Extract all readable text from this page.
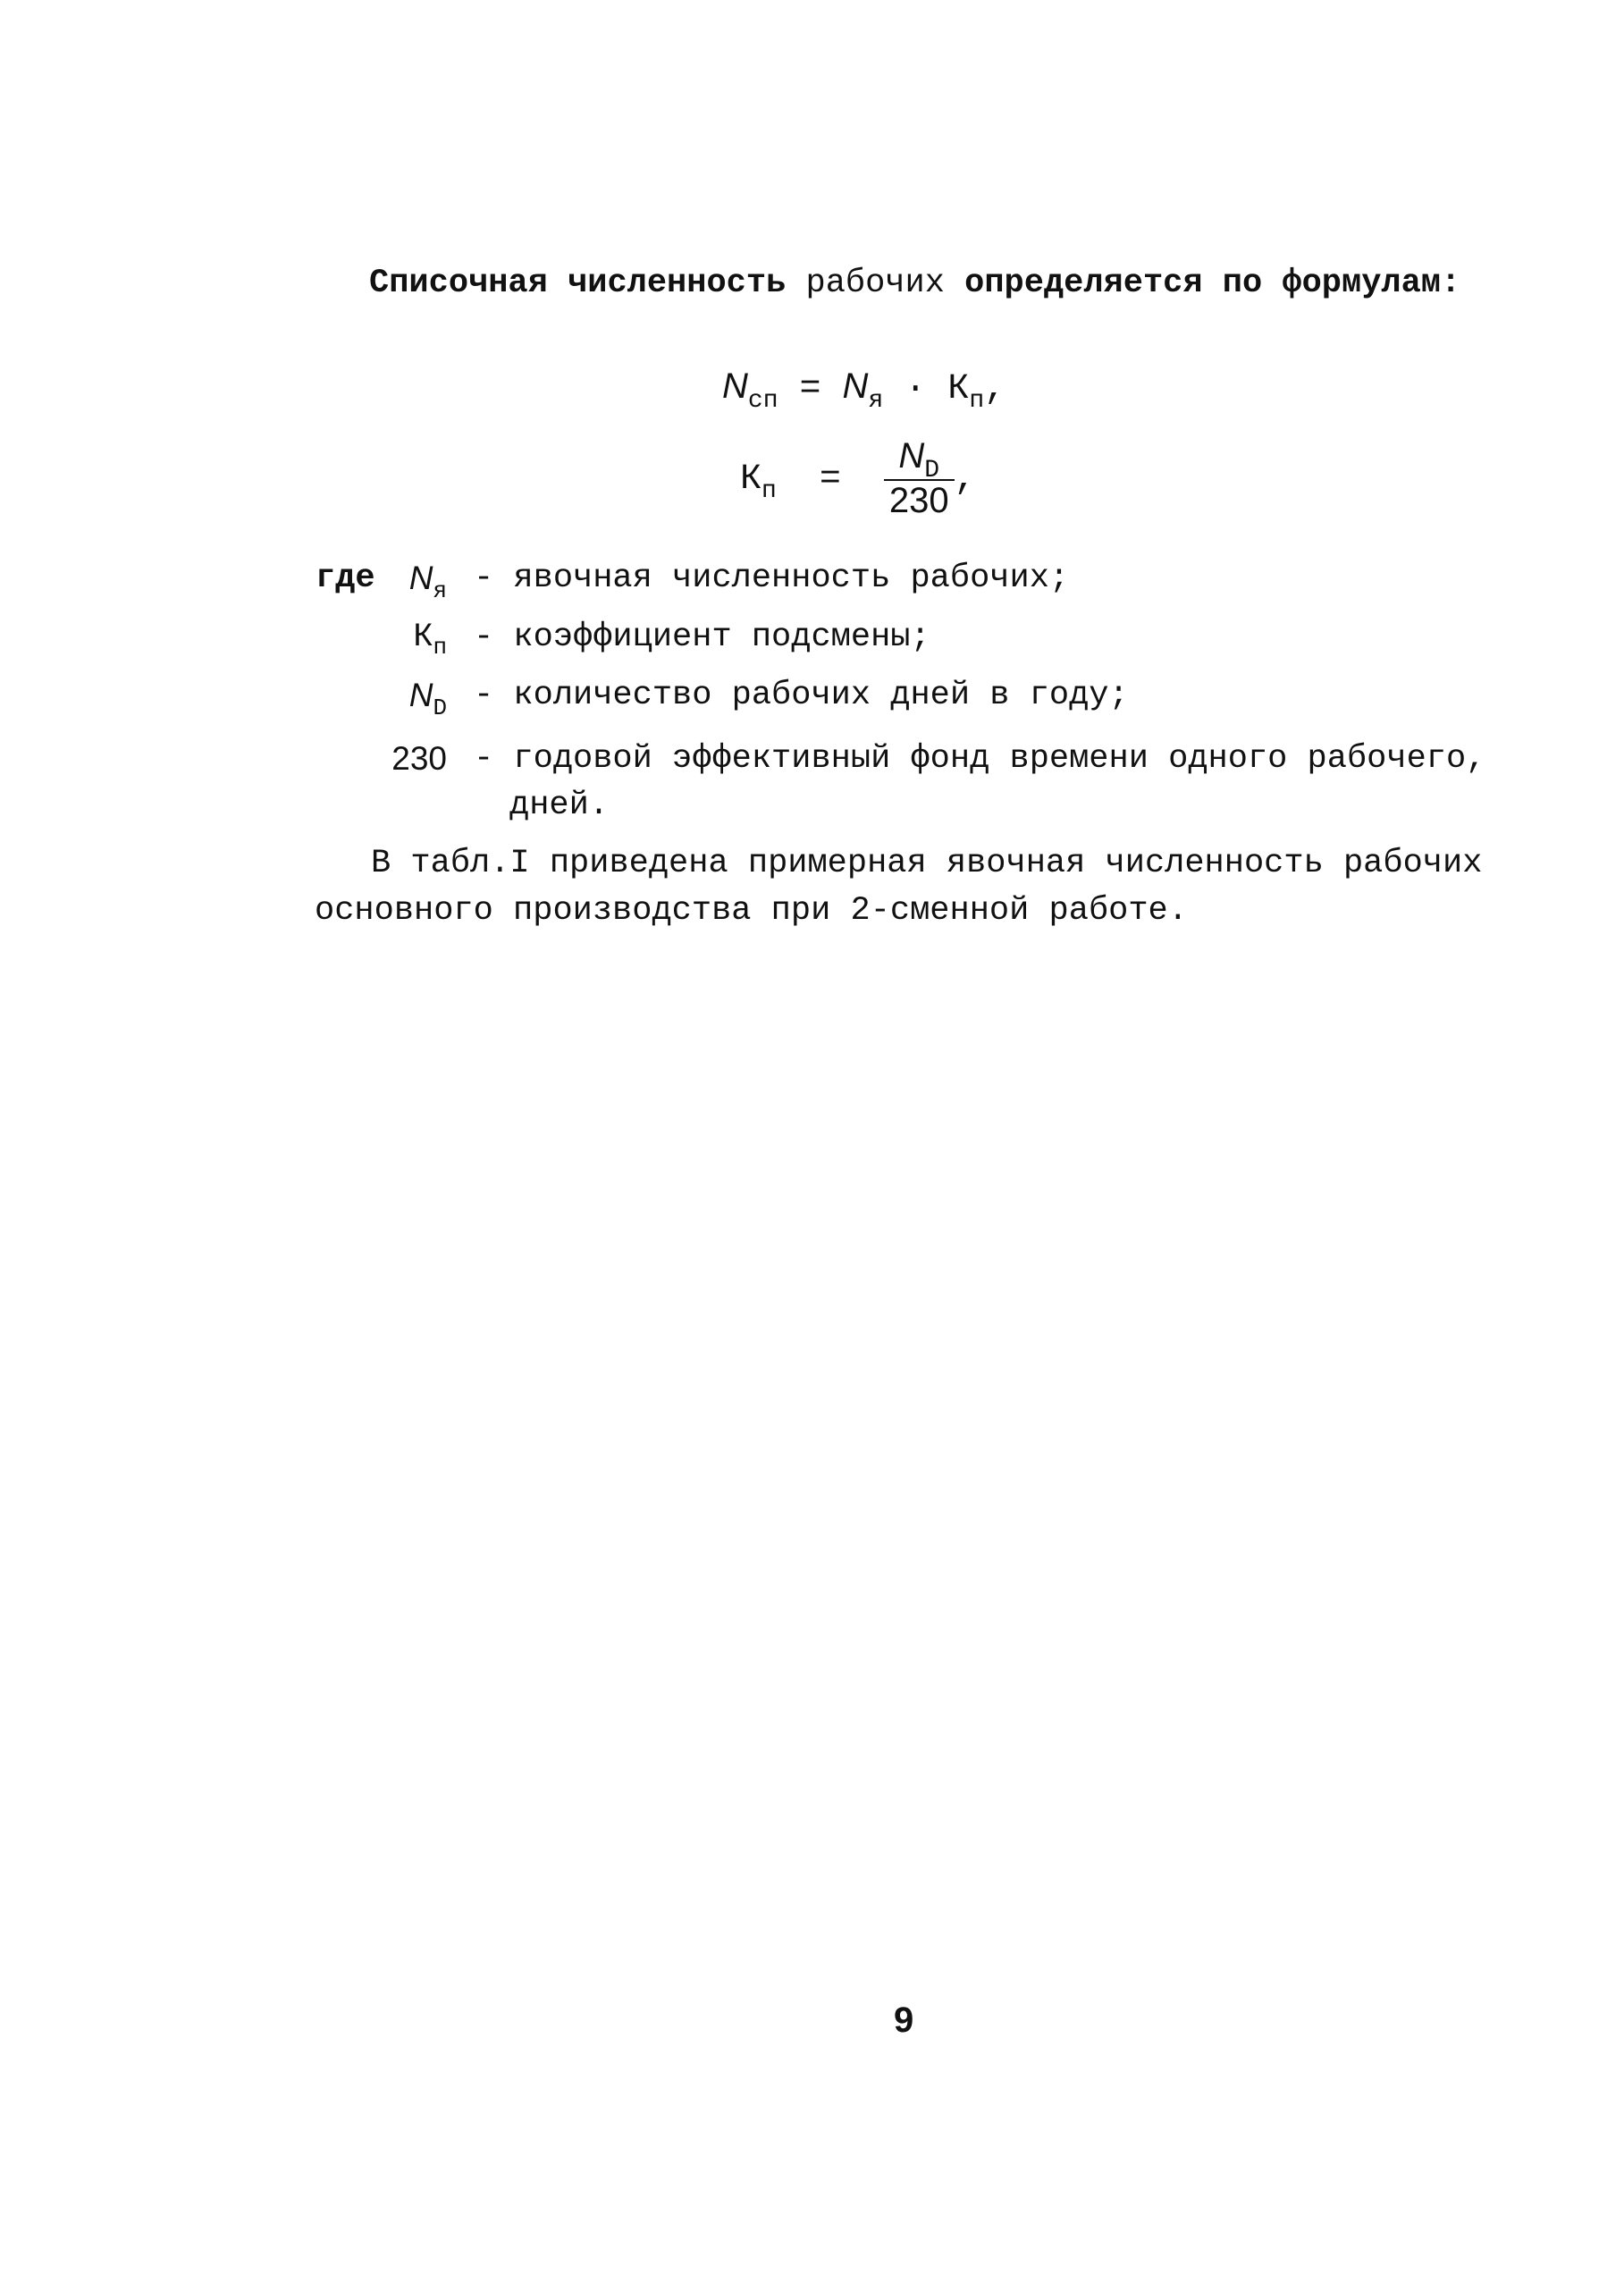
Списочная численность рабочих определяется по формулам:
$N_{сп} = N_я \cdot К_п$,
$К_п = \frac{N_D}{230}$ ,
где	$N_я$ - явочная численность рабочих;
$К_п$ - коэффициент подсмены;
$N_D$ - количество рабочих дней в году;
230 - годовой эффективный фонд времени одного рабочего,
дней.
В табл.I приведена примерная явочная численность рабочих
основного производства при 2-сменной работе.
9
